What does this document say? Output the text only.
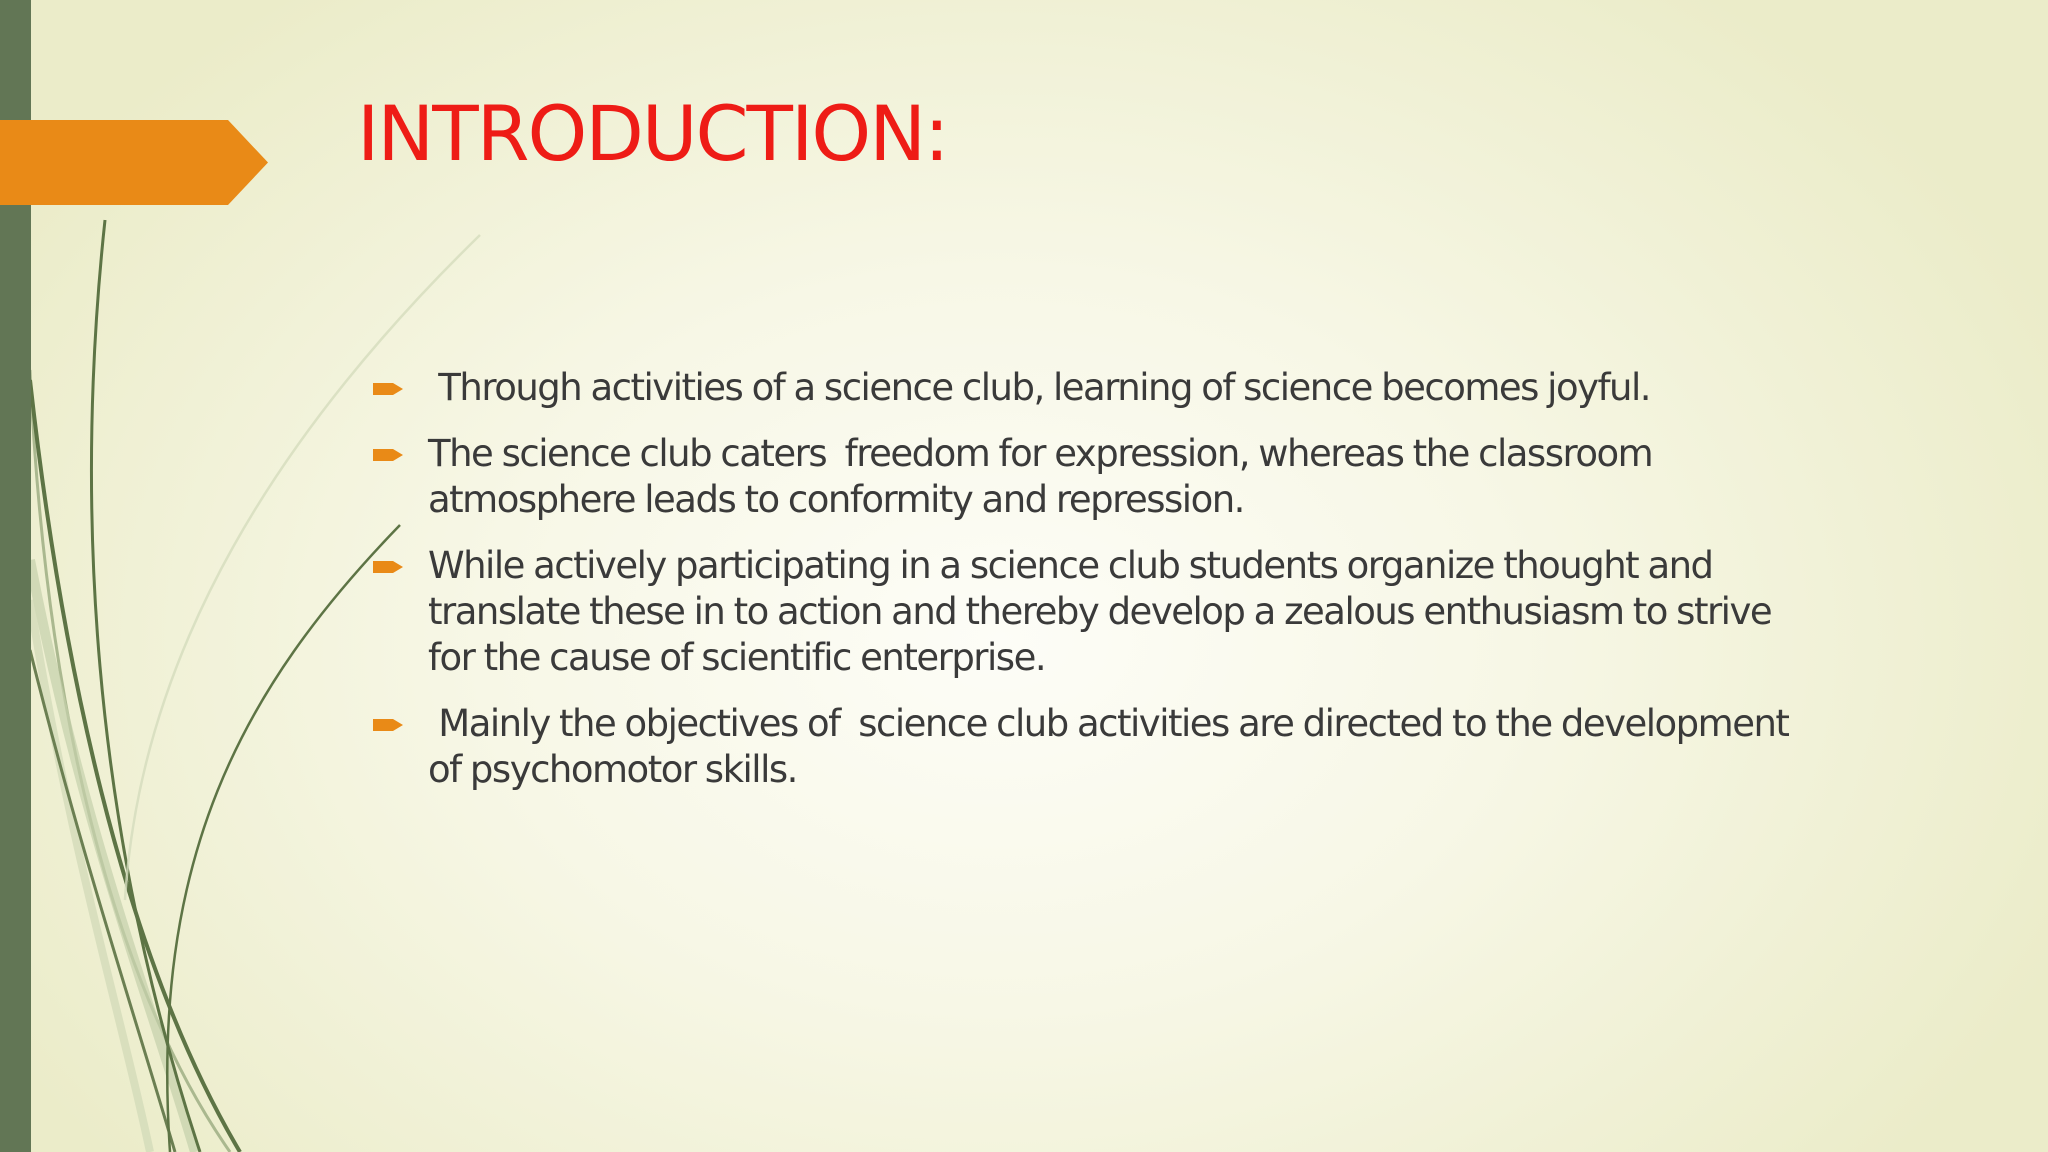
INTRODUCTION:
Through activities of a science club, learning of science becomes joyful.
The science club caters  freedom for expression, whereas the classroom atmosphere leads to conformity and repression.
While actively participating in a science club students organize thought and translate these in to action and thereby develop a zealous enthusiasm to strive for the cause of scientific enterprise.
Mainly the objectives of  science club activities are directed to the development of psychomotor skills.
